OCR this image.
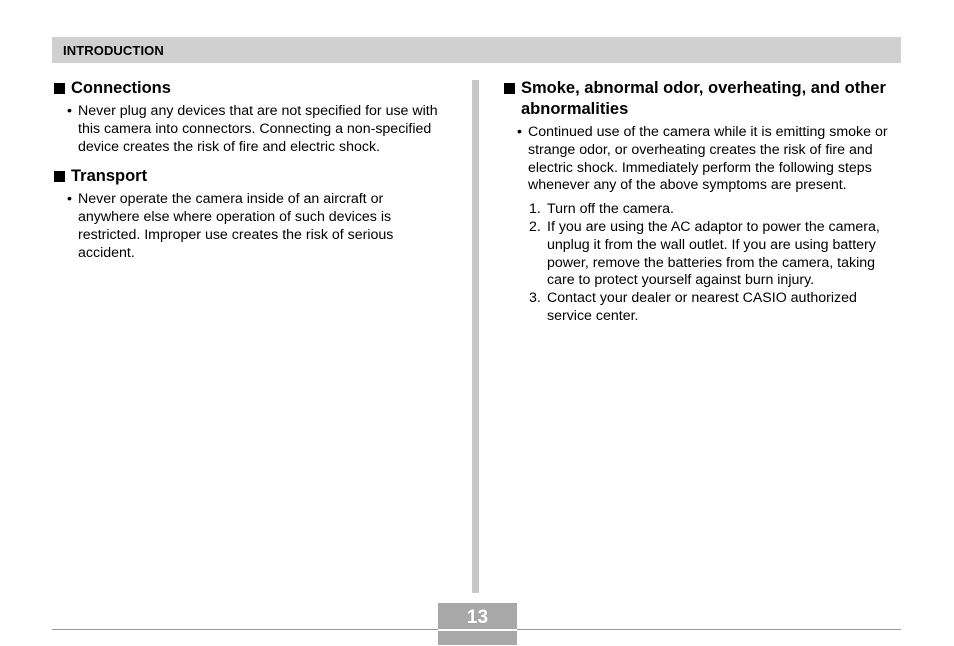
INTRODUCTION
Connections

• Never plug any devices that are not specified for use with this camera into connectors. Connecting a non-specified device creates the risk of fire and electric shock.

Transport

• Never operate the camera inside of an aircraft or anywhere else where operation of such devices is restricted. Improper use creates the risk of serious accident.

Smoke, abnormal odor, overheating, and other abnormalities

• Continued use of the camera while it is emitting smoke or strange odor, or overheating creates the risk of fire and electric shock. Immediately perform the following steps whenever any of the above symptoms are present.

1. Turn off the camera.
2. If you are using the AC adaptor to power the camera, unplug it from the wall outlet. If you are using battery power, remove the batteries from the camera, taking care to protect yourself against burn injury.
3. Contact your dealer or nearest CASIO authorized service center.
13
